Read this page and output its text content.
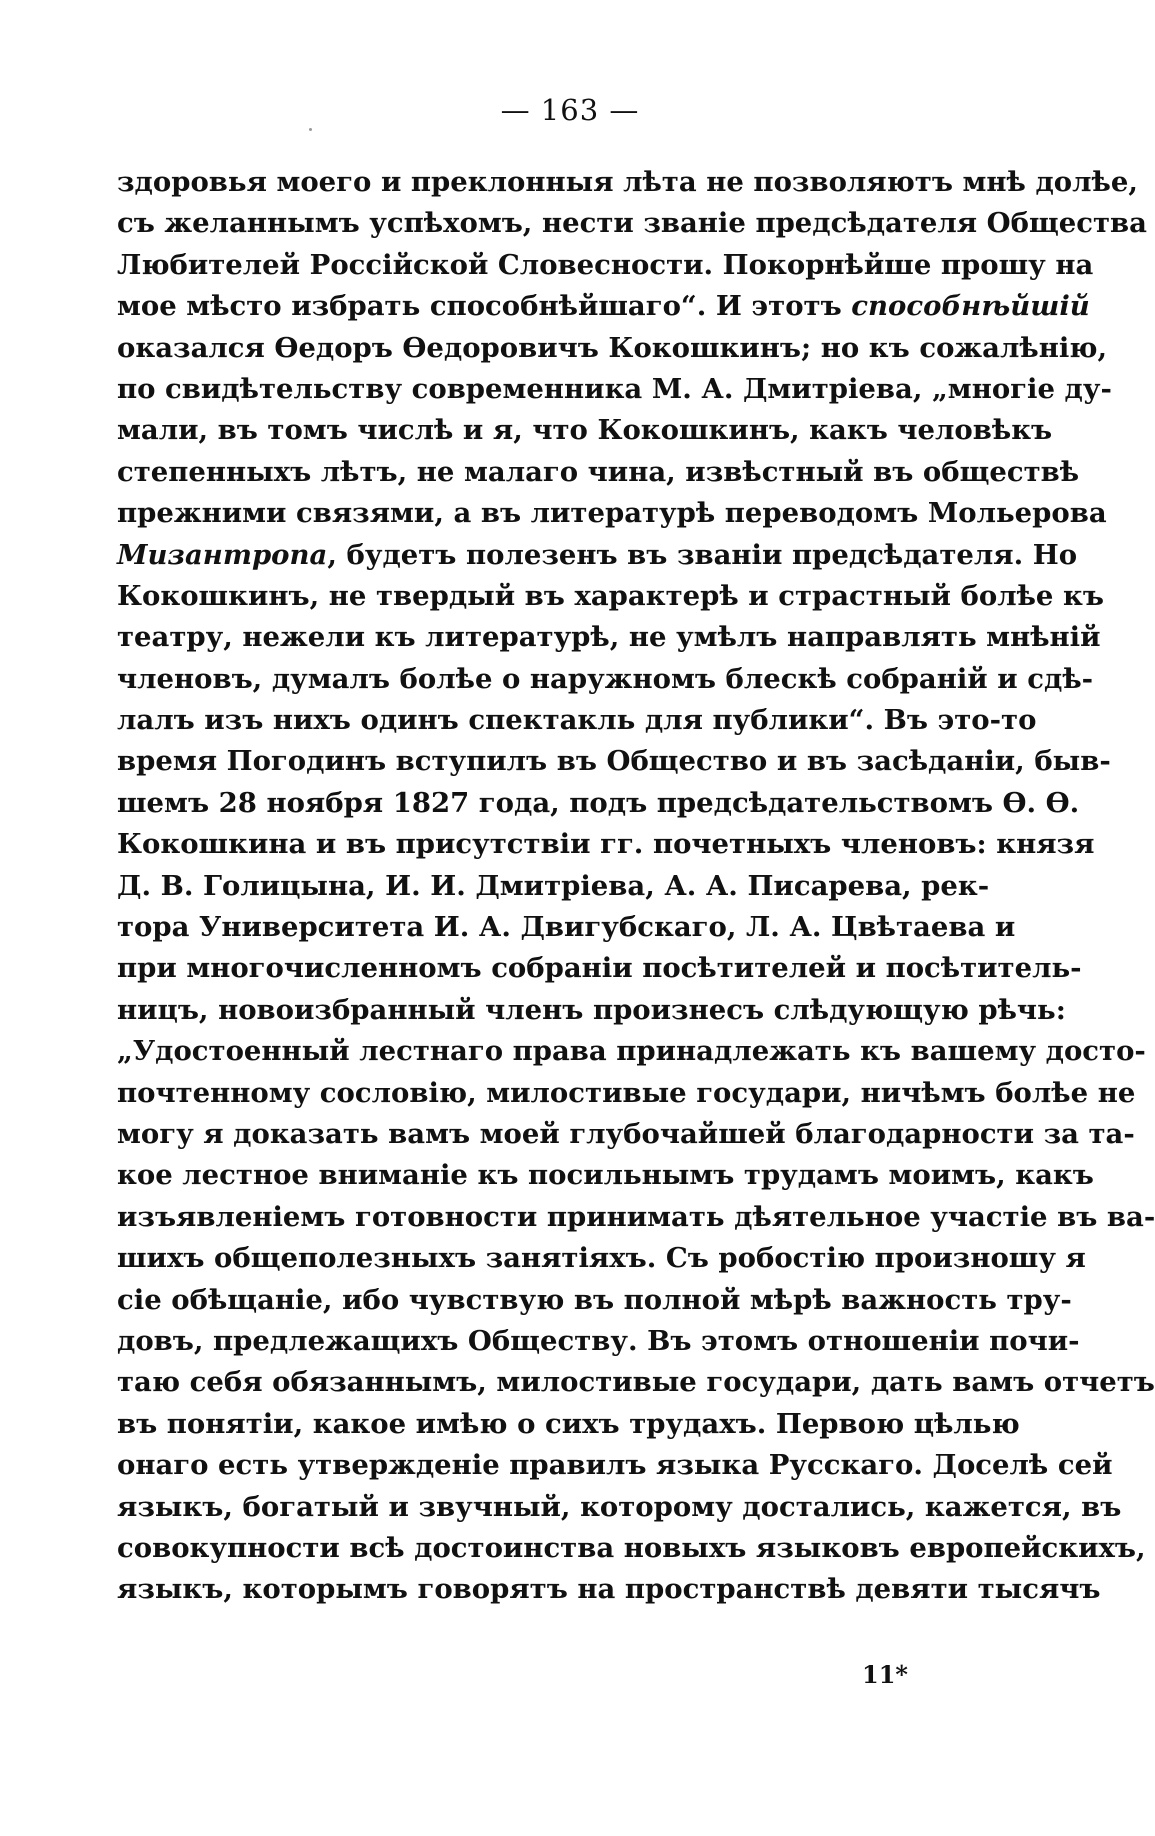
— 163 —
здоровья моего и преклонныя лѣта не позволяютъ мнѣ долѣе,
съ желаннымъ успѣхомъ, нести званіе предсѣдателя Общества
Любителей Россійской Словесности. Покорнѣйше прошу на
мое мѣсто избрать способнѣйшаго“. И этотъ способнѣйшій
оказался Ѳедоръ Ѳедоровичъ Кокошкинъ; но къ сожалѣнію,
по свидѣтельству современника М. А. Дмитріева, „многіе ду-
мали, въ томъ числѣ и я, что Кокошкинъ, какъ человѣкъ
степенныхъ лѣтъ, не малаго чина, извѣстный въ обществѣ
прежними связями, а въ литературѣ переводомъ Мольерова
Мизантропа, будетъ полезенъ въ званіи предсѣдателя. Но
Кокошкинъ, не твердый въ характерѣ и страстный болѣе къ
театру, нежели къ литературѣ, не умѣлъ направлять мнѣній
членовъ, думалъ болѣе о наружномъ блескѣ собраній и сдѣ-
лалъ изъ нихъ одинъ спектакль для публики“. Въ это-то
время Погодинъ вступилъ въ Общество и въ засѣданіи, быв-
шемъ 28 ноября 1827 года, подъ предсѣдательствомъ Ѳ. Ѳ.
Кокошкина и въ присутствіи гг. почетныхъ членовъ: князя
Д. В. Голицына, И. И. Дмитріева, А. А. Писарева, рек-
тора Университета И. А. Двигубскаго, Л. А. Цвѣтаева и
при многочисленномъ собраніи посѣтителей и посѣтитель-
ницъ, новоизбранный членъ произнесъ слѣдующую рѣчь:
„Удостоенный лестнаго права принадлежать къ вашему досто-
почтенному сословію, милостивые государи, ничѣмъ болѣе не
могу я доказать вамъ моей глубочайшей благодарности за та-
кое лестное вниманіе къ посильнымъ трудамъ моимъ, какъ
изъявленіемъ готовности принимать дѣятельное участіе въ ва-
шихъ общеполезныхъ занятіяхъ. Съ робостію произношу я
сіе обѣщаніе, ибо чувствую въ полной мѣрѣ важность тру-
довъ, предлежащихъ Обществу. Въ этомъ отношеніи почи-
таю себя обязаннымъ, милостивые государи, дать вамъ отчетъ
въ понятіи, какое имѣю о сихъ трудахъ. Первою цѣлью
онаго есть утвержденіе правилъ языка Русскаго. Доселѣ сей
языкъ, богатый и звучный, которому достались, кажется, въ
совокупности всѣ достоинства новыхъ языковъ европейскихъ,
языкъ, которымъ говорятъ на пространствѣ девяти тысячъ
11*
